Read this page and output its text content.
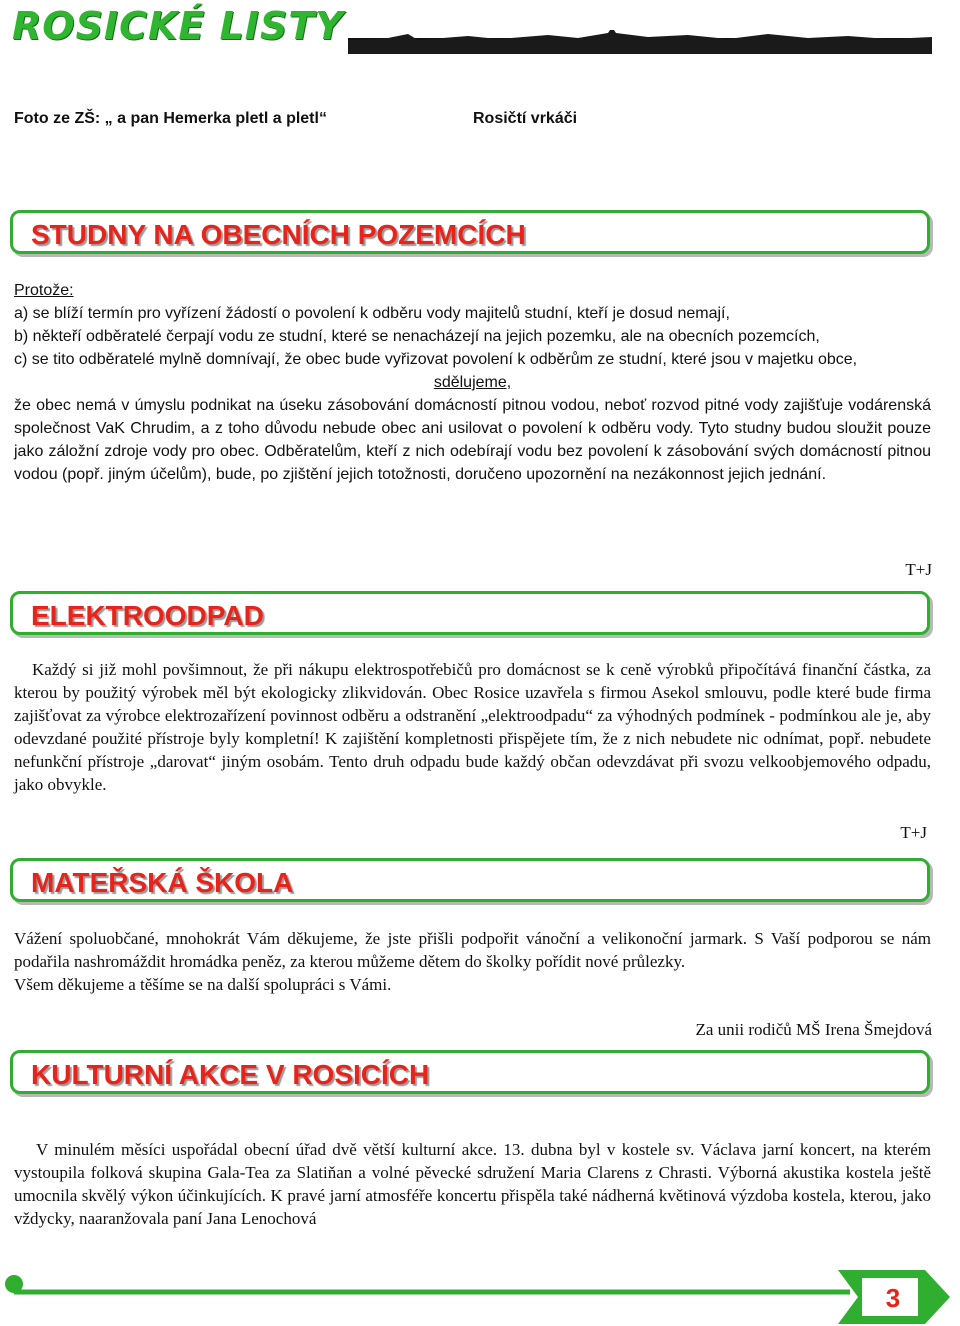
ROSICKÉ LISTY
Foto ze ZŠ: „ a pan Hemerka pletl a pletl“	Rosičtí vrkáči
STUDNY NA OBECNÍCH POZEMCÍCH

Protože:

a) se blíží termín pro vyřízení žádostí o povolení k odběru vody majitelů studní, kteří je dosud nemají,

b) někteří odběratelé čerpají vodu ze studní, které se nenacházejí na jejich pozemku, ale na obecních pozemcích,

c) se tito odběratelé mylně domnívají, že obec bude vyřizovat povolení k odběrům ze studní, které jsou v majetku obce,

sdělujeme,

že obec nemá v úmyslu podnikat na úseku zásobování domácností pitnou vodou, neboť rozvod pitné vody zajišťuje vodárenská společnost VaK Chrudim, a z toho důvodu nebude obec ani usilovat o povolení k odběru vody. Tyto studny budou sloužit pouze jako záložní zdroje vody pro obec. Odběratelům, kteří z nich odebírají vodu bez povolení k zásobování svých domácností pitnou vodou (popř. jiným účelům), bude, po zjištění jejich totožnosti, doručeno upozornění na nezákonnost jejich jednání.

T+J
ELEKTROODPAD

Každý si již mohl povšimnout, že při nákupu elektrospotřebičů pro domácnost se k ceně výrobků připočítává finanční částka, za kterou by použitý výrobek měl být ekologicky zlikvidován. Obec Rosice uzavřela s firmou Asekol smlouvu, podle které bude firma zajišťovat za výrobce elektrozařízení povinnost odběru a odstranění „elektroodpadu“ za výhodných podmínek - podmínkou ale je, aby odevzdané použité přístroje byly kompletní! K zajištění kompletnosti přispějete tím, že z nich nebudete nic odnímat, popř. nebudete nefunkční přístroje „darovat“ jiným osobám. Tento druh odpadu bude každý občan odevzdávat při svozu velkoobjemového odpadu, jako obvykle.

T+J
MATEŘSKÁ ŠKOLA

Vážení spoluobčané, mnohokrát Vám děkujeme, že jste přišli podpořit vánoční a velikonoční jarmark. S Vaší podporou se nám podařila nashromáždit hromádka peněz, za kterou můžeme dětem do školky pořídit nové průlezky.

Všem děkujeme a těšíme se na další spolupráci s Vámi.

Za unii rodičů MŠ Irena Šmejdová
KULTURNÍ AKCE V ROSICÍCH

V minulém měsíci uspořádal obecní úřad dvě větší kulturní akce. 13. dubna byl v kostele sv. Václava jarní koncert, na kterém vystoupila folková skupina Gala-Tea za Slatiňan a volné pěvecké sdružení Maria Clarens z Chrasti. Výborná akustika kostela ještě umocnila skvělý výkon účinkujících. K pravé jarní atmosféře koncertu přispěla také nádherná květinová výzdoba kostela, kterou, jako vždycky, naaranžovala paní Jana Lenochová

3
